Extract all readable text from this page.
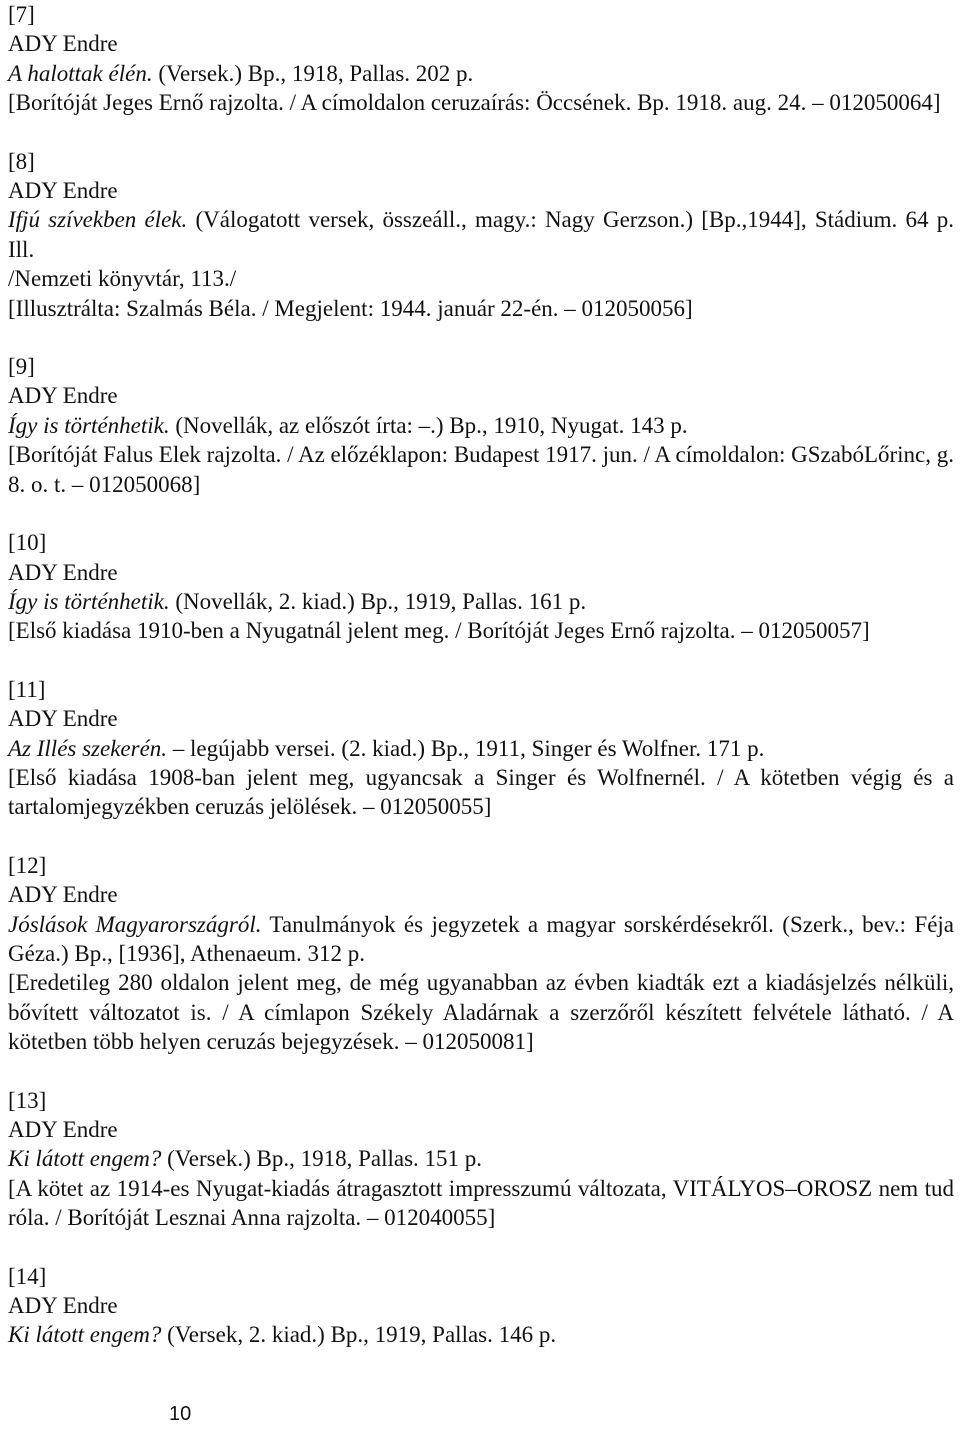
[7]
ADY Endre
A halottak élén. (Versek.) Bp., 1918, Pallas. 202 p.
[Borítóját Jeges Ernő rajzolta. / A címoldalon ceruzaírás: Öccsének. Bp. 1918. aug. 24. – 012050064]
[8]
ADY Endre
Ifjú szívekben élek. (Válogatott versek, összeáll., magy.: Nagy Gerzson.) [Bp.,1944], Stádium. 64 p. Ill.
/Nemzeti könyvtár, 113./
[Illusztrálta: Szalmás Béla. / Megjelent: 1944. január 22-én. – 012050056]
[9]
ADY Endre
Így is történhetik. (Novellák, az előszót írta: –.) Bp., 1910, Nyugat. 143 p.
[Borítóját Falus Elek rajzolta. / Az előzéklapon: Budapest 1917. jun. / A címoldalon: GSzabóLőrinc, g. 8. o. t. – 012050068]
[10]
ADY Endre
Így is történhetik. (Novellák, 2. kiad.) Bp., 1919, Pallas. 161 p.
[Első kiadása 1910-ben a Nyugatnál jelent meg. / Borítóját Jeges Ernő rajzolta. – 012050057]
[11]
ADY Endre
Az Illés szekerén. – legújabb versei. (2. kiad.) Bp., 1911, Singer és Wolfner. 171 p.
[Első kiadása 1908-ban jelent meg, ugyancsak a Singer és Wolfnernél. / A kötetben végig és a tartalomjegyzékben ceruzás jelölések. – 012050055]
[12]
ADY Endre
Jóslások Magyarországról. Tanulmányok és jegyzetek a magyar sorskérdésekről. (Szerk., bev.: Féja Géza.) Bp., [1936], Athenaeum. 312 p.
[Eredetileg 280 oldalon jelent meg, de még ugyanabban az évben kiadták ezt a kiadásjelzés nélküli, bővített változatot is. / A címlapon Székely Aladárnak a szerzőről készített felvétele látható. / A kötetben több helyen ceruzás bejegyzések. – 012050081]
[13]
ADY Endre
Ki látott engem? (Versek.) Bp., 1918, Pallas. 151 p.
[A kötet az 1914-es Nyugat-kiadás átragasztott impresszumú változata, VITÁLYOS–OROSZ nem tud róla. / Borítóját Lesznai Anna rajzolta. – 012040055]
[14]
ADY Endre
Ki látott engem? (Versek, 2. kiad.) Bp., 1919, Pallas. 146 p.
10
